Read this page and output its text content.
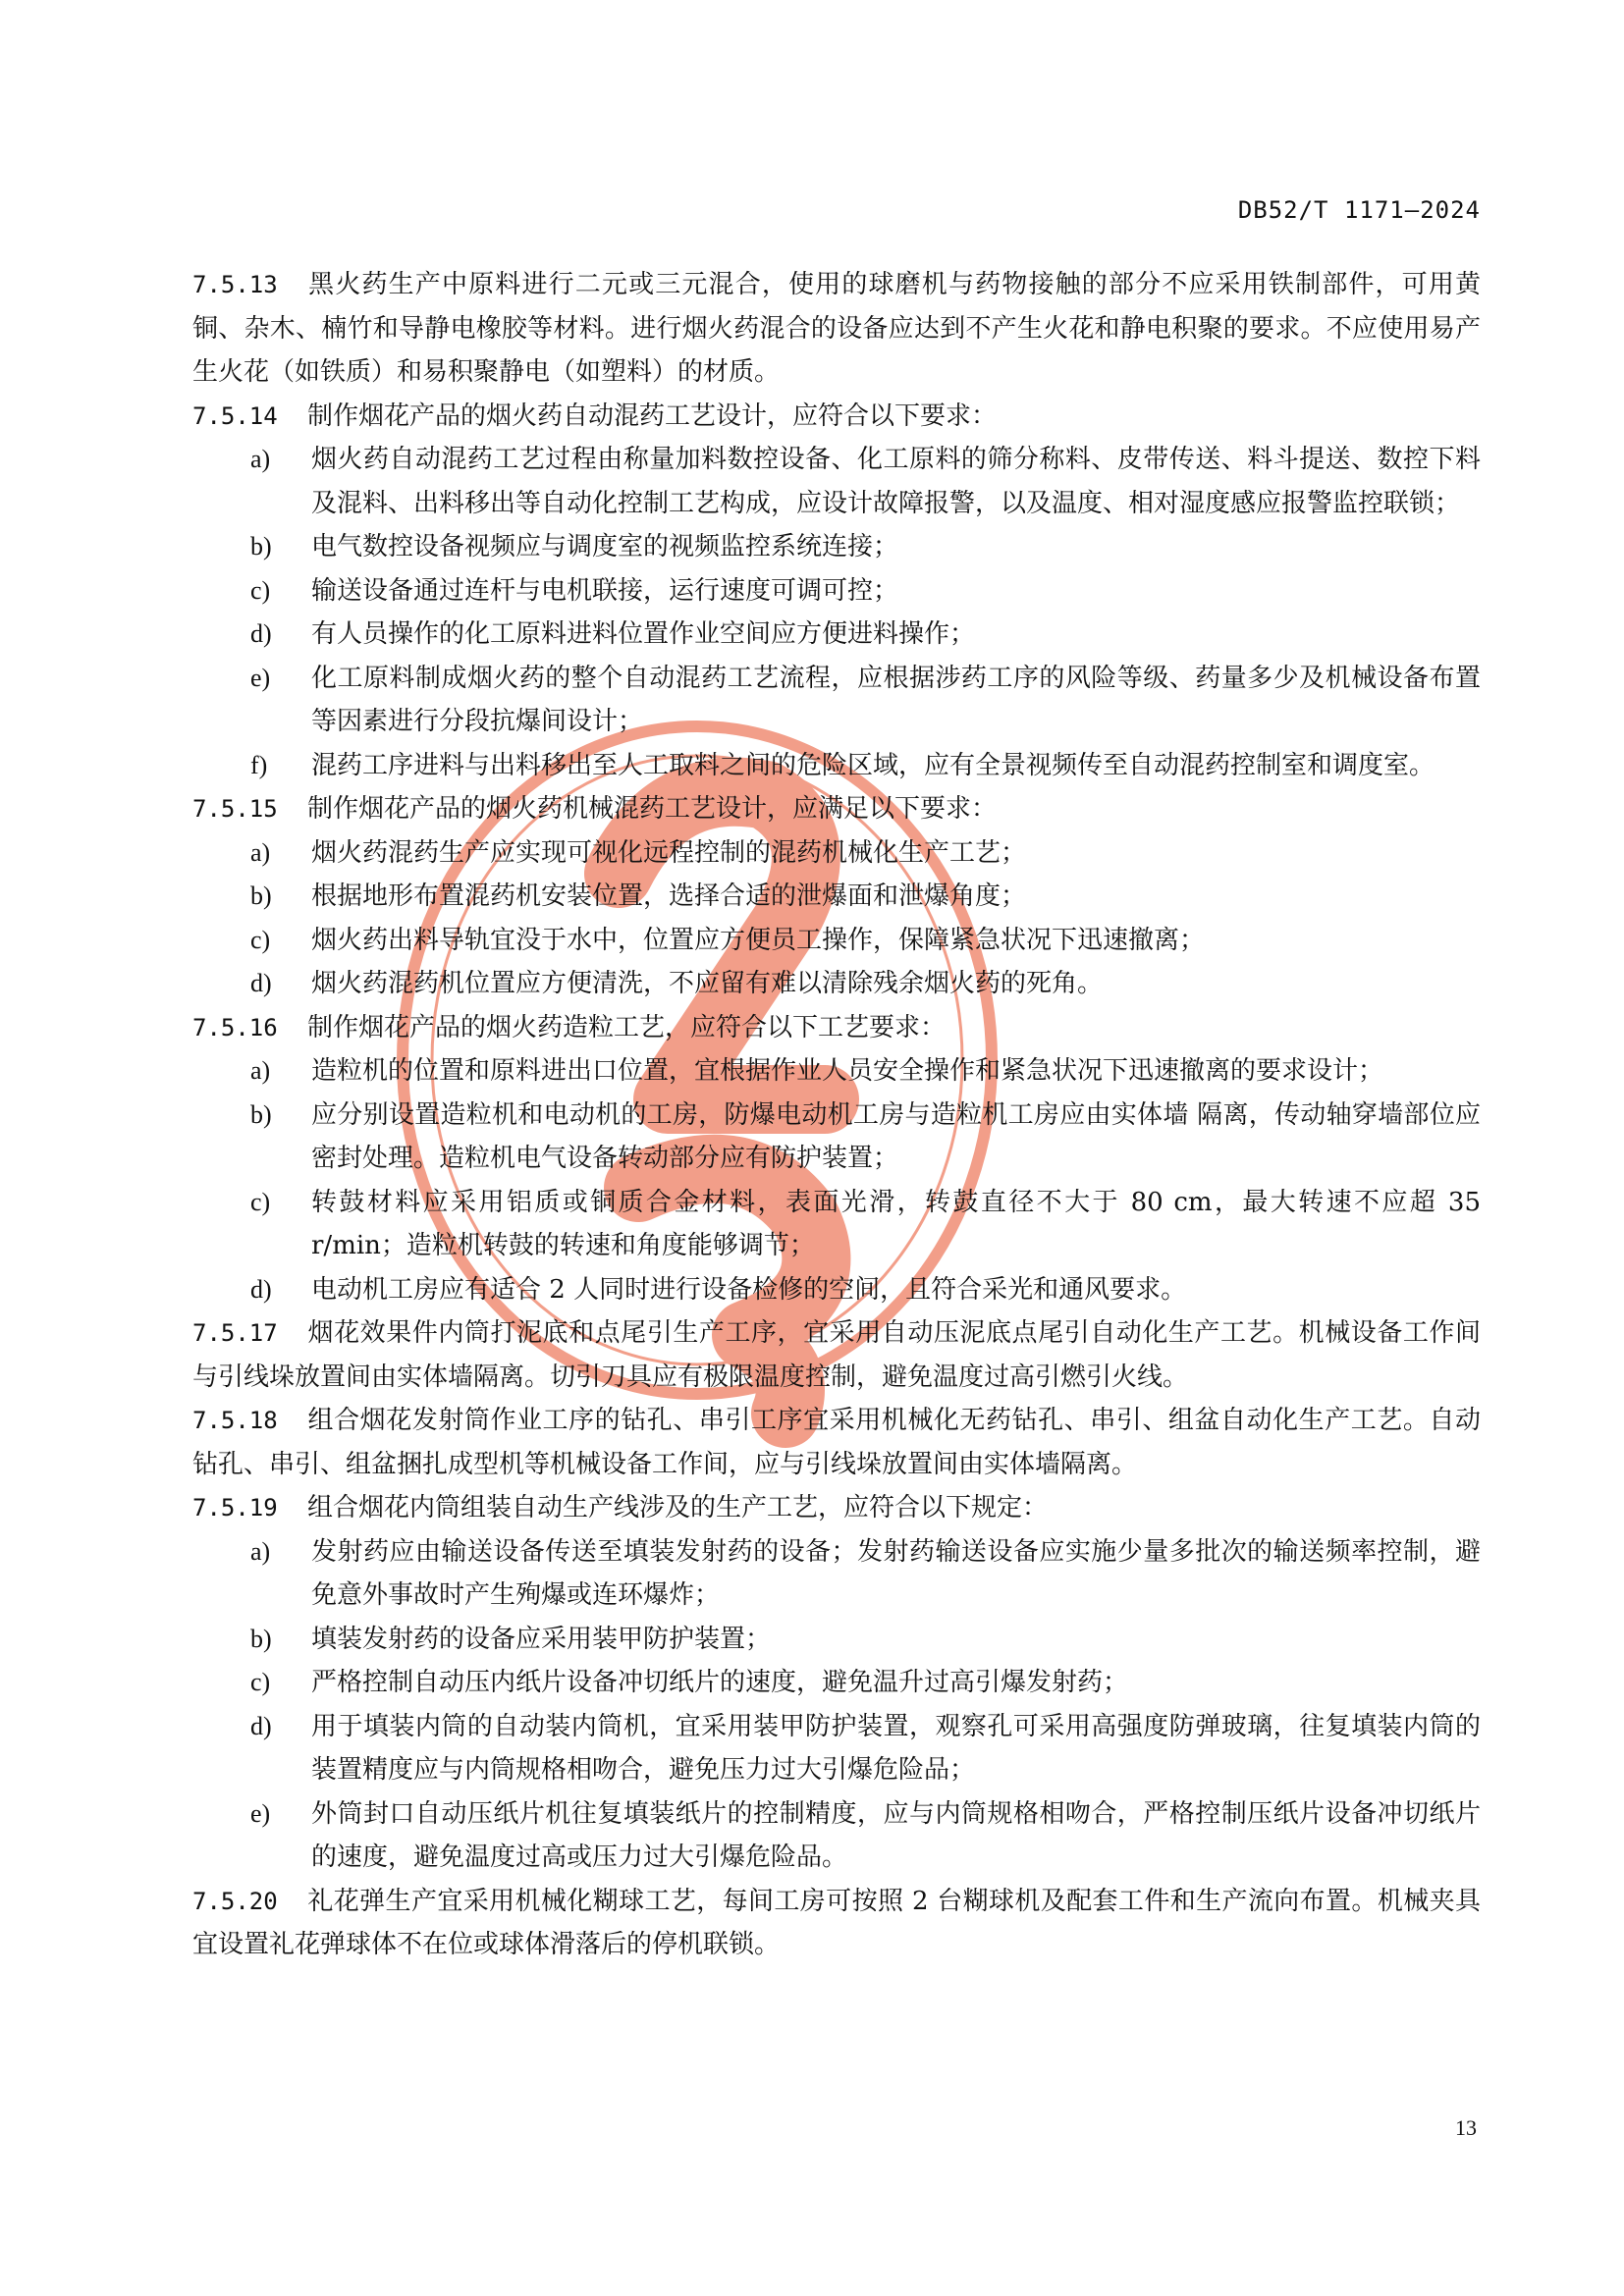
DB52/T 1171—2024

7.5.13 黑火药生产中原料进行二元或三元混合，使用的球磨机与药物接触的部分不应采用铁制部件，可用黄铜、杂木、楠竹和导静电橡胶等材料。进行烟火药混合的设备应达到不产生火花和静电积聚的要求。不应使用易产生火花（如铁质）和易积聚静电（如塑料）的材质。

7.5.14 制作烟花产品的烟火药自动混药工艺设计，应符合以下要求：

a)	烟火药自动混药工艺过程由称量加料数控设备、化工原料的筛分称料、皮带传送、料斗提送、数控下料及混料、出料移出等自动化控制工艺构成，应设计故障报警，以及温度、相对湿度感应报警监控联锁；
b)	电气数控设备视频应与调度室的视频监控系统连接；
c)	输送设备通过连杆与电机联接，运行速度可调可控；
d)	有人员操作的化工原料进料位置作业空间应方便进料操作；
e)	化工原料制成烟火药的整个自动混药工艺流程，应根据涉药工序的风险等级、药量多少及机械设备布置等因素进行分段抗爆间设计；
f)	混药工序进料与出料移出至人工取料之间的危险区域，应有全景视频传至自动混药控制室和调度室。

7.5.15 制作烟花产品的烟火药机械混药工艺设计，应满足以下要求：

a)	烟火药混药生产应实现可视化远程控制的混药机械化生产工艺；
b)	根据地形布置混药机安装位置，选择合适的泄爆面和泄爆角度；
c)	烟火药出料导轨宜没于水中，位置应方便员工操作，保障紧急状况下迅速撤离；
d)	烟火药混药机位置应方便清洗，不应留有难以清除残余烟火药的死角。

7.5.16 制作烟花产品的烟火药造粒工艺，应符合以下工艺要求：

a)	造粒机的位置和原料进出口位置，宜根据作业人员安全操作和紧急状况下迅速撤离的要求设计；
b)	应分别设置造粒机和电动机的工房，防爆电动机工房与造粒机工房应由实体墙 隔离，传动轴穿墙部位应密封处理。造粒机电气设备转动部分应有防护装置；
c)	转鼓材料应采用铝质或铜质合金材料，表面光滑，转鼓直径不大于 80 cm，最大转速不应超 35 r/min；造粒机转鼓的转速和角度能够调节；
d)	电动机工房应有适合 2 人同时进行设备检修的空间，且符合采光和通风要求。

7.5.17 烟花效果件内筒打泥底和点尾引生产工序，宜采用自动压泥底点尾引自动化生产工艺。机械设备工作间与引线垛放置间由实体墙隔离。切引刀具应有极限温度控制，避免温度过高引燃引火线。

7.5.18 组合烟花发射筒作业工序的钻孔、串引工序宜采用机械化无药钻孔、串引、组盆自动化生产工艺。自动钻孔、串引、组盆捆扎成型机等机械设备工作间，应与引线垛放置间由实体墙隔离。

7.5.19 组合烟花内筒组装自动生产线涉及的生产工艺，应符合以下规定：

a)	发射药应由输送设备传送至填装发射药的设备；发射药输送设备应实施少量多批次的输送频率控制，避免意外事故时产生殉爆或连环爆炸；
b)	填装发射药的设备应采用装甲防护装置；
c)	严格控制自动压内纸片设备冲切纸片的速度，避免温升过高引爆发射药；
d)	用于填装内筒的自动装内筒机，宜采用装甲防护装置，观察孔可采用高强度防弹玻璃，往复填装内筒的装置精度应与内筒规格相吻合，避免压力过大引爆危险品；
e)	外筒封口自动压纸片机往复填装纸片的控制精度，应与内筒规格相吻合，严格控制压纸片设备冲切纸片的速度，避免温度过高或压力过大引爆危险品。

7.5.20 礼花弹生产宜采用机械化糊球工艺，每间工房可按照 2 台糊球机及配套工件和生产流向布置。机械夹具宜设置礼花弹球体不在位或球体滑落后的停机联锁。

13
